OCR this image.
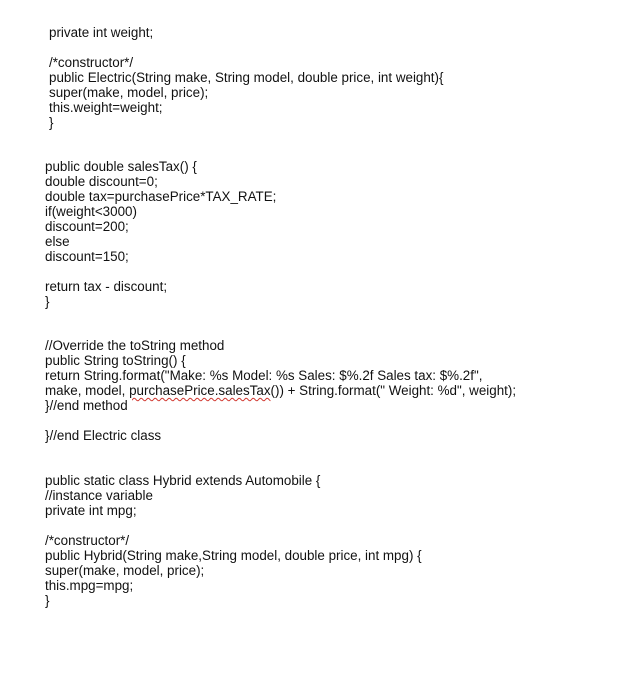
private int weight;
/*constructor*/
public Electric(String make, String model, double price, int weight){
super(make, model, price);
this.weight=weight;
}
public double salesTax() {
double discount=0;
double tax=purchasePrice*TAX_RATE;
if(weight<3000)
discount=200;
else
discount=150;
return tax - discount;
}
//Override the toString method
public String toString() {
return String.format("Make: %s Model: %s Sales: $%.2f Sales tax: $%.2f",
make, model, purchasePrice.salesTax()) + String.format(" Weight: %d", weight);
}//end method
}//end Electric class
public static class Hybrid extends Automobile {
//instance variable
private int mpg;
/*constructor*/
public Hybrid(String make,String model, double price, int mpg) {
super(make, model, price);
this.mpg=mpg;
}
